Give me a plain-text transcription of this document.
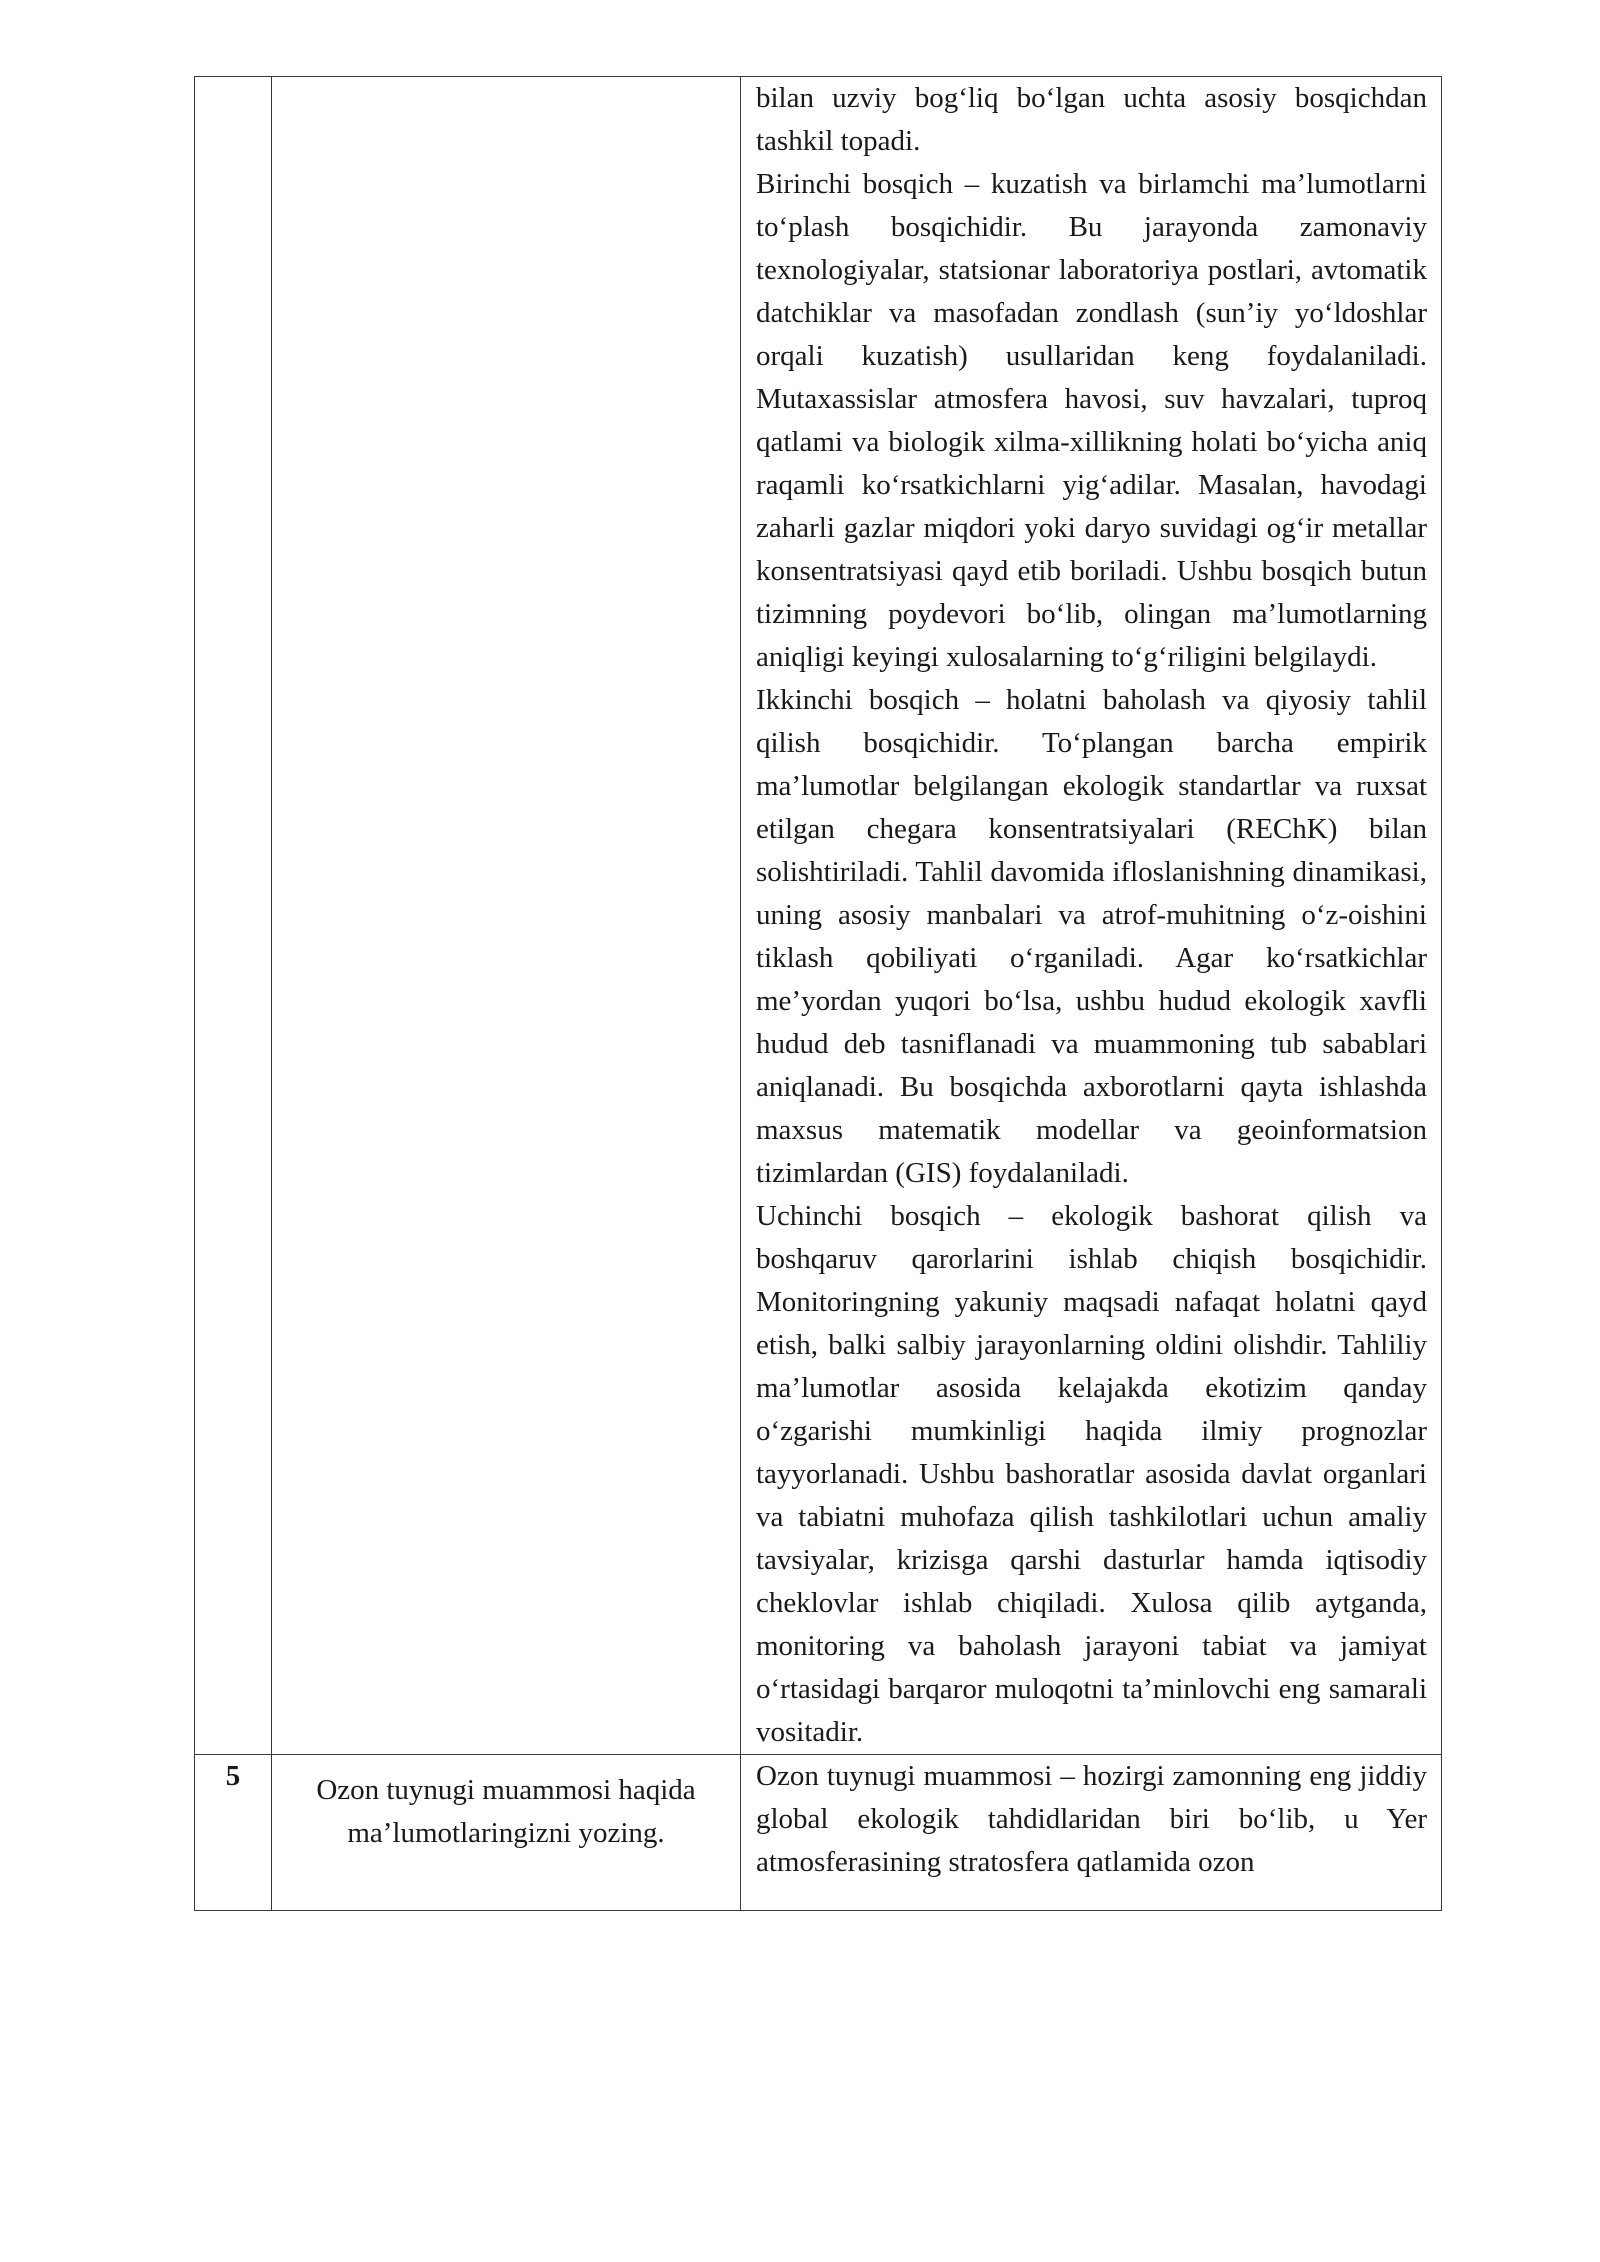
		bilan uzviy bog‘liq bo‘lgan uchta asosiy bosqichdan tashkil topadi.

Birinchi bosqich – kuzatish va birlamchi ma’lumotlarni to‘plash bosqichidir. Bu jarayonda zamonaviy texnologiyalar, statsionar laboratoriya postlari, avtomatik datchiklar va masofadan zondlash (sun’iy yo‘ldoshlar orqali kuzatish) usullaridan keng foydalaniladi. Mutaxassislar atmosfera havosi, suv havzalari, tuproq qatlami va biologik xilma-xillikning holati bo‘yicha aniq raqamli ko‘rsatkichlarni yig‘adilar. Masalan, havodagi zaharli gazlar miqdori yoki daryo suvidagi og‘ir metallar konsentratsiyasi qayd etib boriladi. Ushbu bosqich butun tizimning poydevori bo‘lib, olingan ma’lumotlarning aniqligi keyingi xulosalarning to‘g‘riligini belgilaydi.

Ikkinchi bosqich – holatni baholash va qiyosiy tahlil qilish bosqichidir. To‘plangan barcha empirik ma’lumotlar belgilangan ekologik standartlar va ruxsat etilgan chegara konsentratsiyalari (REChK) bilan solishtiriladi. Tahlil davomida ifloslanishning dinamikasi, uning asosiy manbalari va atrof-muhitning o‘z-oishini tiklash qobiliyati o‘rganiladi. Agar ko‘rsatkichlar me’yordan yuqori bo‘lsa, ushbu hudud ekologik xavfli hudud deb tasniflanadi va muammoning tub sabablari aniqlanadi. Bu bosqichda axborotlarni qayta ishlashda maxsus matematik modellar va geoinformatsion tizimlardan (GIS) foydalaniladi.

Uchinchi bosqich – ekologik bashorat qilish va boshqaruv qarorlarini ishlab chiqish bosqichidir. Monitoringning yakuniy maqsadi nafaqat holatni qayd etish, balki salbiy jarayonlarning oldini olishdir. Tahliliy ma’lumotlar asosida kelajakda ekotizim qanday o‘zgarishi mumkinligi haqida ilmiy prognozlar tayyorlanadi. Ushbu bashoratlar asosida davlat organlari va tabiatni muhofaza qilish tashkilotlari uchun amaliy tavsiyalar, krizisga qarshi dasturlar hamda iqtisodiy cheklovlar ishlab chiqiladi. Xulosa qilib aytganda, monitoring va baholash jarayoni tabiat va jamiyat o‘rtasidagi barqaror muloqotni ta’minlovchi eng samarali vositadir.

5	Ozon tuynugi muammosi haqida ma’lumotlaringizni yozing.	Ozon tuynugi muammosi – hozirgi zamonning eng jiddiy global ekologik tahdidlaridan biri bo‘lib, u Yer atmosferasining stratosfera qatlamida ozon
